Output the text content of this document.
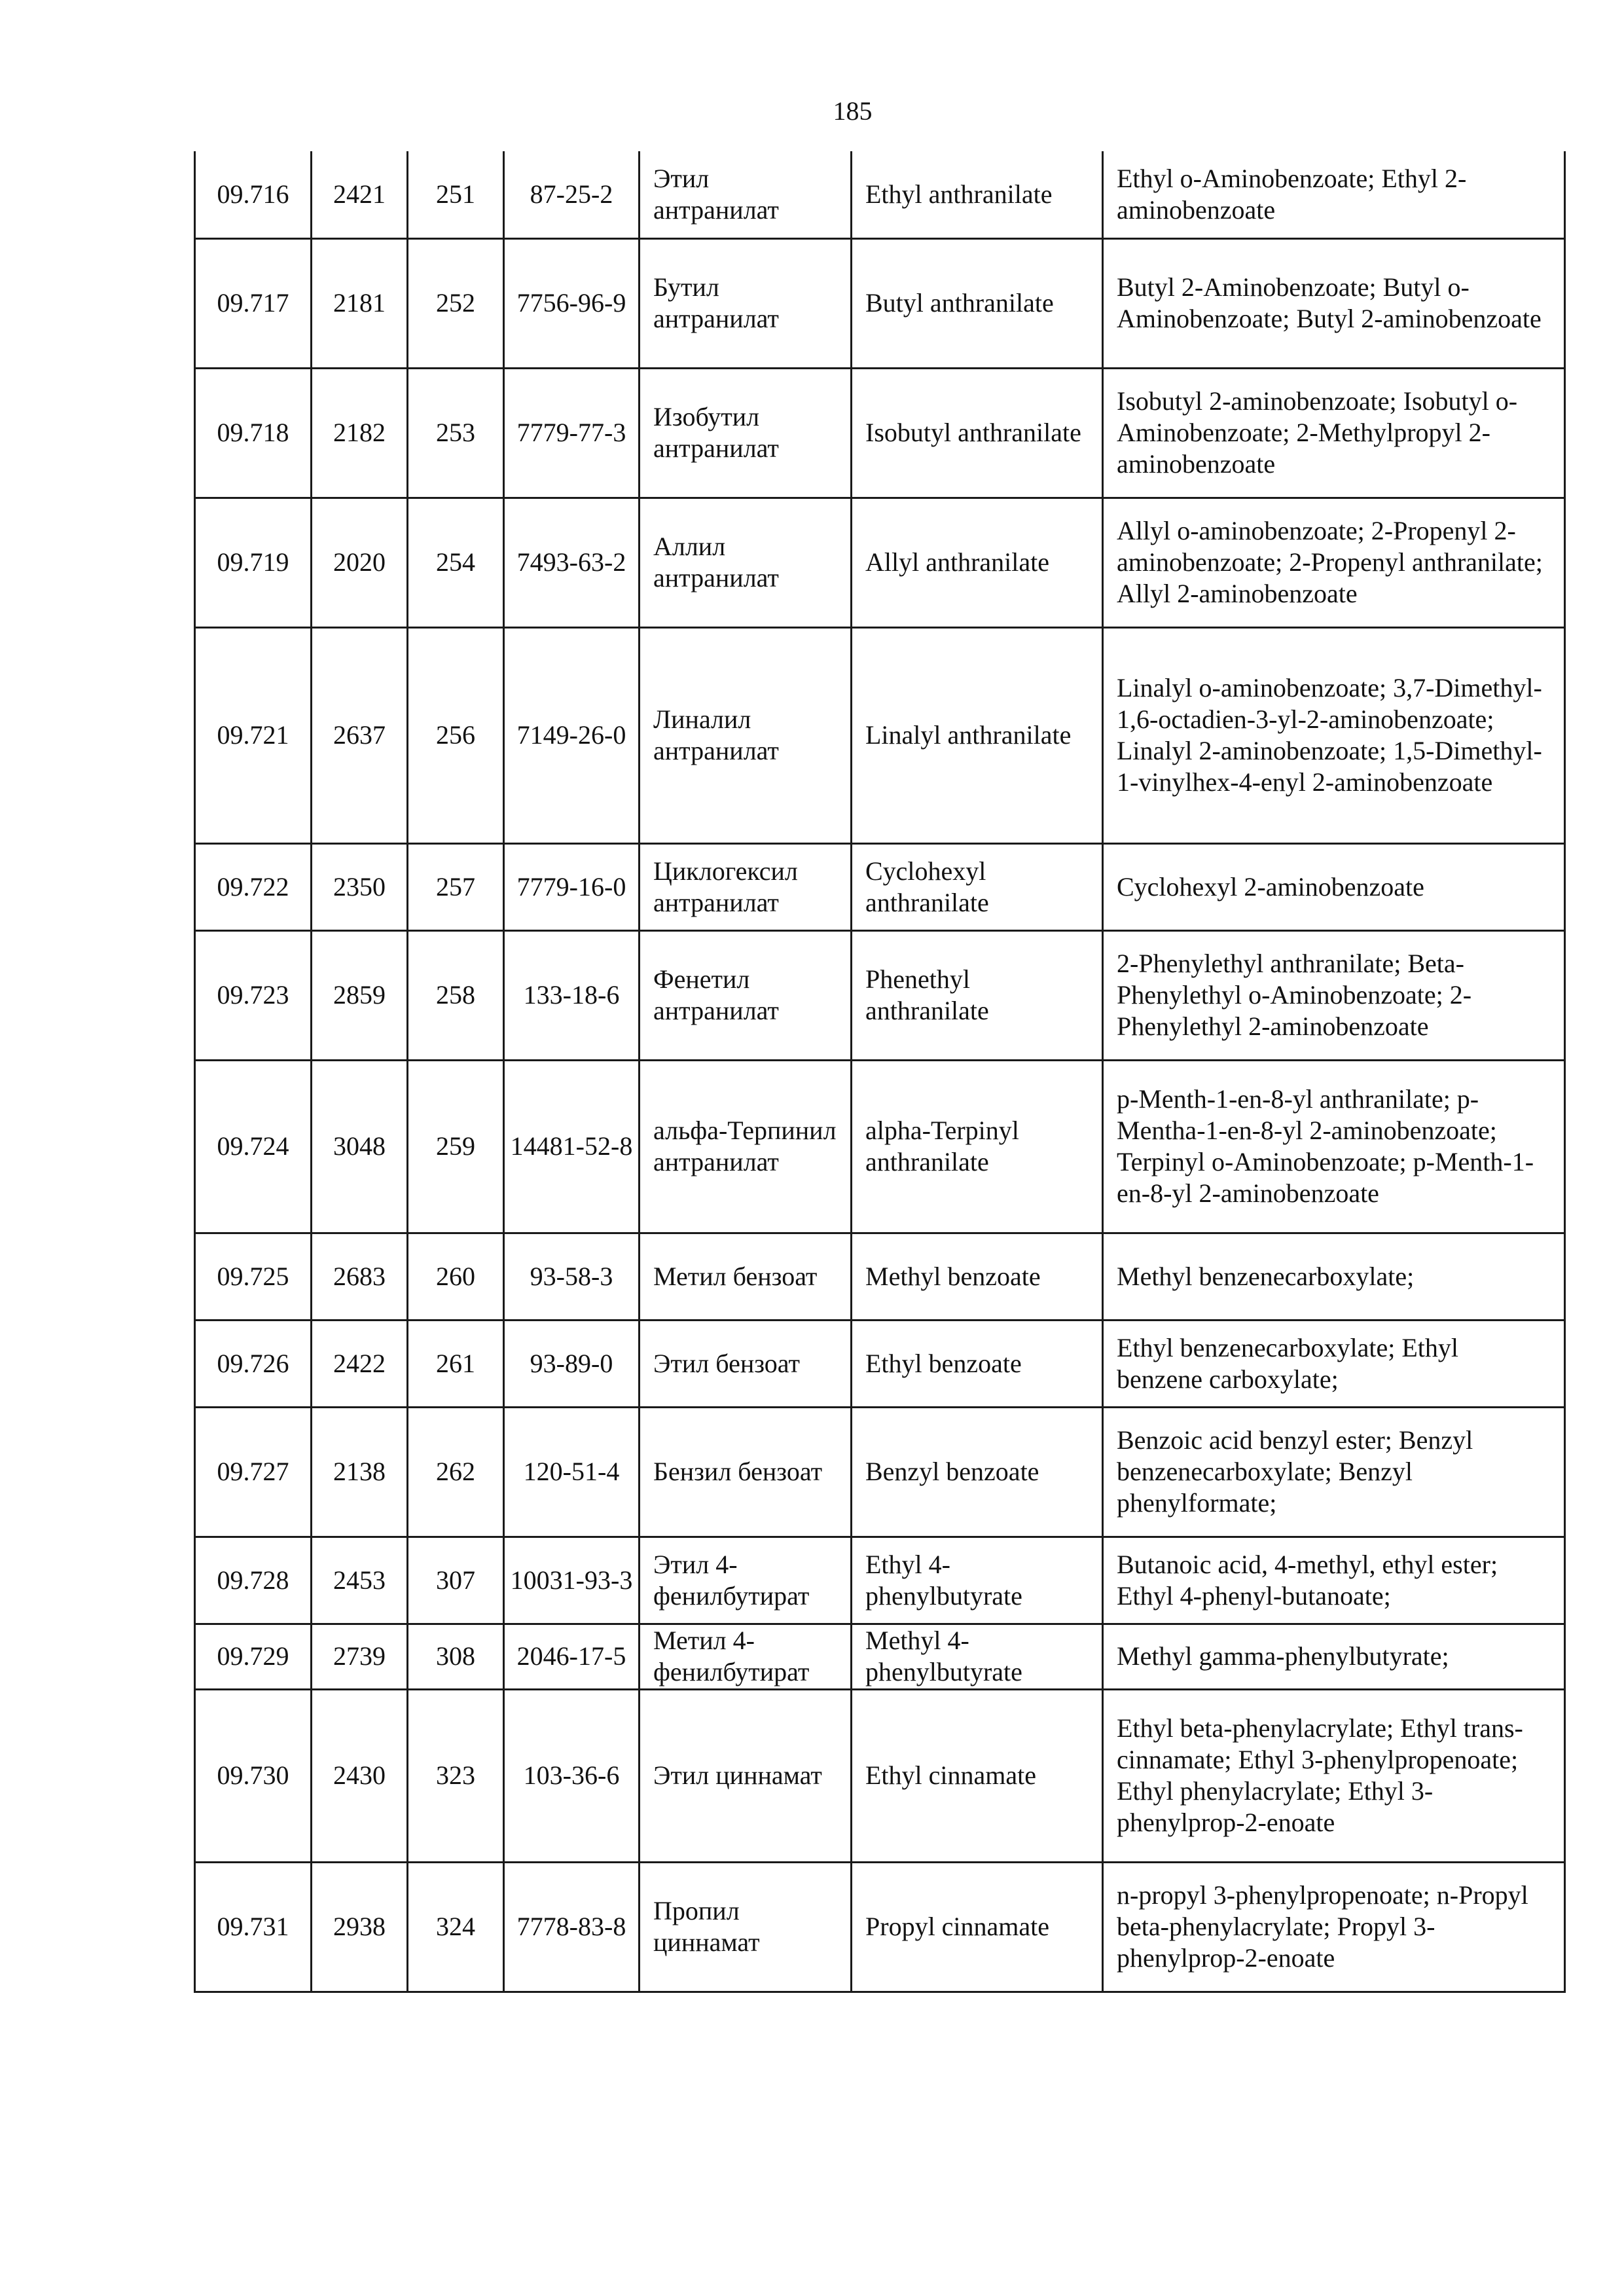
185
09.716	2421	251	87-25-2	Этил антранилат	Ethyl anthranilate	Ethyl o-Aminobenzoate; Ethyl 2-aminobenzoate
09.717	2181	252	7756-96-9	Бутил антранилат	Butyl anthranilate	Butyl 2-Aminobenzoate; Butyl o-Aminobenzoate; Butyl 2-aminobenzoate
09.718	2182	253	7779-77-3	Изобутил антранилат	Isobutyl anthranilate	Isobutyl 2-aminobenzoate; Isobutyl o-Aminobenzoate; 2-Methylpropyl 2-aminobenzoate
09.719	2020	254	7493-63-2	Аллил антранилат	Allyl anthranilate	Allyl o-aminobenzoate; 2-Propenyl 2-aminobenzoate; 2-Propenyl anthranilate; Allyl 2-aminobenzoate
09.721	2637	256	7149-26-0	Линалил антранилат	Linalyl anthranilate	Linalyl o-aminobenzoate; 3,7-Dimethyl-1,6-octadien-3-yl-2-aminobenzoate; Linalyl 2-aminobenzoate; 1,5-Dimethyl-1-vinylhex-4-enyl 2-aminobenzoate
09.722	2350	257	7779-16-0	Циклогексил антранилат	Cyclohexyl anthranilate	Cyclohexyl 2-aminobenzoate
09.723	2859	258	133-18-6	Фенетил антранилат	Phenethyl anthranilate	2-Phenylethyl anthranilate; Beta-Phenylethyl o-Aminobenzoate; 2-Phenylethyl 2-aminobenzoate
09.724	3048	259	14481-52-8	альфа-Терпинил антранилат	alpha-Terpinyl anthranilate	p-Menth-1-en-8-yl anthranilate; p-Mentha-1-en-8-yl 2-aminobenzoate; Terpinyl o-Aminobenzoate; p-Menth-1-en-8-yl 2-aminobenzoate
09.725	2683	260	93-58-3	Метил бензоат	Methyl benzoate	Methyl benzenecarboxylate;
09.726	2422	261	93-89-0	Этил бензоат	Ethyl benzoate	Ethyl benzenecarboxylate; Ethyl benzene carboxylate;
09.727	2138	262	120-51-4	Бензил бензоат	Benzyl benzoate	Benzoic acid benzyl ester; Benzyl benzenecarboxylate; Benzyl phenylformate;
09.728	2453	307	10031-93-3	Этил 4-фенилбутират	Ethyl 4-phenylbutyrate	Butanoic acid, 4-methyl, ethyl ester; Ethyl 4-phenyl-butanoate;
09.729	2739	308	2046-17-5	Метил 4-фенилбутират	Methyl 4-phenylbutyrate	Methyl gamma-phenylbutyrate;
09.730	2430	323	103-36-6	Этил циннамат	Ethyl cinnamate	Ethyl beta-phenylacrylate; Ethyl trans-cinnamate; Ethyl 3-phenylpropenoate; Ethyl phenylacrylate; Ethyl 3-phenylprop-2-enoate
09.731	2938	324	7778-83-8	Пропил циннамат	Propyl cinnamate	n-propyl 3-phenylpropenoate; n-Propyl beta-phenylacrylate; Propyl 3-phenylprop-2-enoate
